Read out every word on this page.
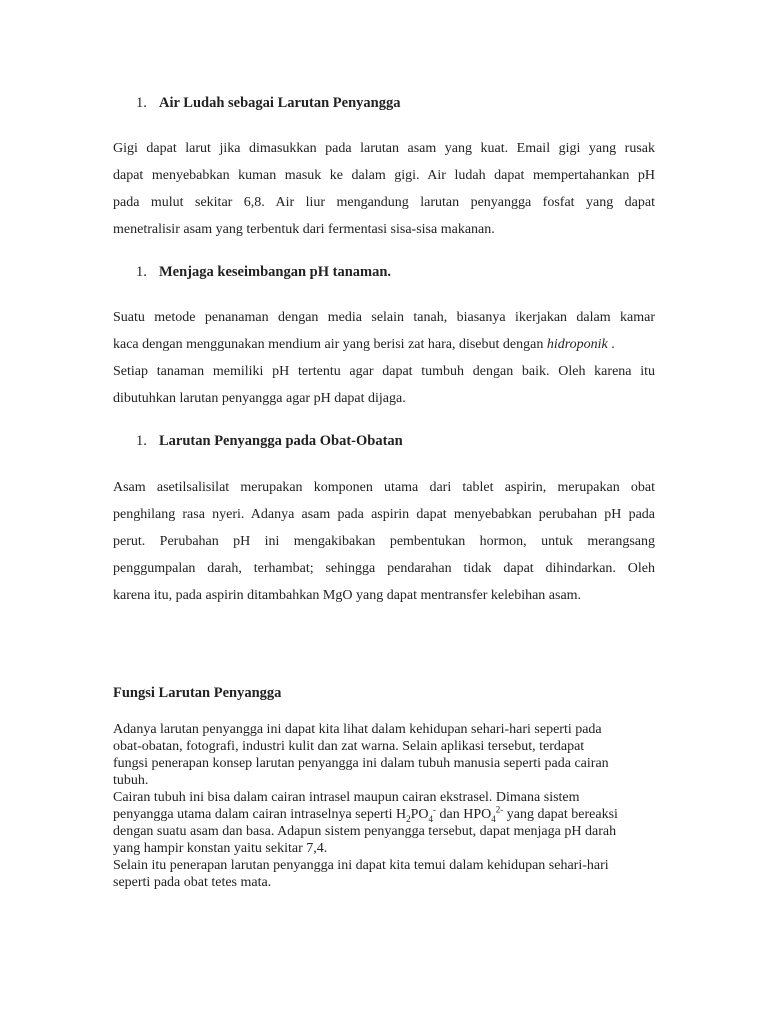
1. Air Ludah sebagai Larutan Penyangga
Gigi dapat larut jika dimasukkan pada larutan asam yang kuat. Email gigi yang rusak
dapat menyebabkan kuman masuk ke dalam gigi. Air ludah dapat mempertahankan pH
pada mulut sekitar 6,8. Air liur mengandung larutan penyangga fosfat yang dapat
menetralisir asam yang terbentuk dari fermentasi sisa-sisa makanan.
1. Menjaga keseimbangan pH tanaman.
Suatu metode penanaman dengan media selain tanah, biasanya ikerjakan dalam kamar
kaca dengan menggunakan mendium air yang berisi zat hara, disebut dengan hidroponik .
Setiap tanaman memiliki pH tertentu agar dapat tumbuh dengan baik. Oleh karena itu
dibutuhkan larutan penyangga agar pH dapat dijaga.
1. Larutan Penyangga pada Obat-Obatan
Asam asetilsalisilat merupakan komponen utama dari tablet aspirin, merupakan obat
penghilang rasa nyeri. Adanya asam pada aspirin dapat menyebabkan perubahan pH pada
perut. Perubahan pH ini mengakibakan pembentukan hormon, untuk merangsang
penggumpalan darah, terhambat; sehingga pendarahan tidak dapat dihindarkan. Oleh
karena itu, pada aspirin ditambahkan MgO yang dapat mentransfer kelebihan asam.
Fungsi Larutan Penyangga
Adanya larutan penyangga ini dapat kita lihat dalam kehidupan sehari-hari seperti pada
obat-obatan, fotografi, industri kulit dan zat warna. Selain aplikasi tersebut, terdapat
fungsi penerapan konsep larutan penyangga ini dalam tubuh manusia seperti pada cairan
tubuh.
Cairan tubuh ini bisa dalam cairan intrasel maupun cairan ekstrasel. Dimana sistem
penyangga utama dalam cairan intraselnya seperti $H_2PO_4^-$ dan $HPO_4^{2-}$ yang dapat bereaksi
dengan suatu asam dan basa. Adapun sistem penyangga tersebut, dapat menjaga pH darah
yang hampir konstan yaitu sekitar 7,4.
Selain itu penerapan larutan penyangga ini dapat kita temui dalam kehidupan sehari-hari
seperti pada obat tetes mata.
